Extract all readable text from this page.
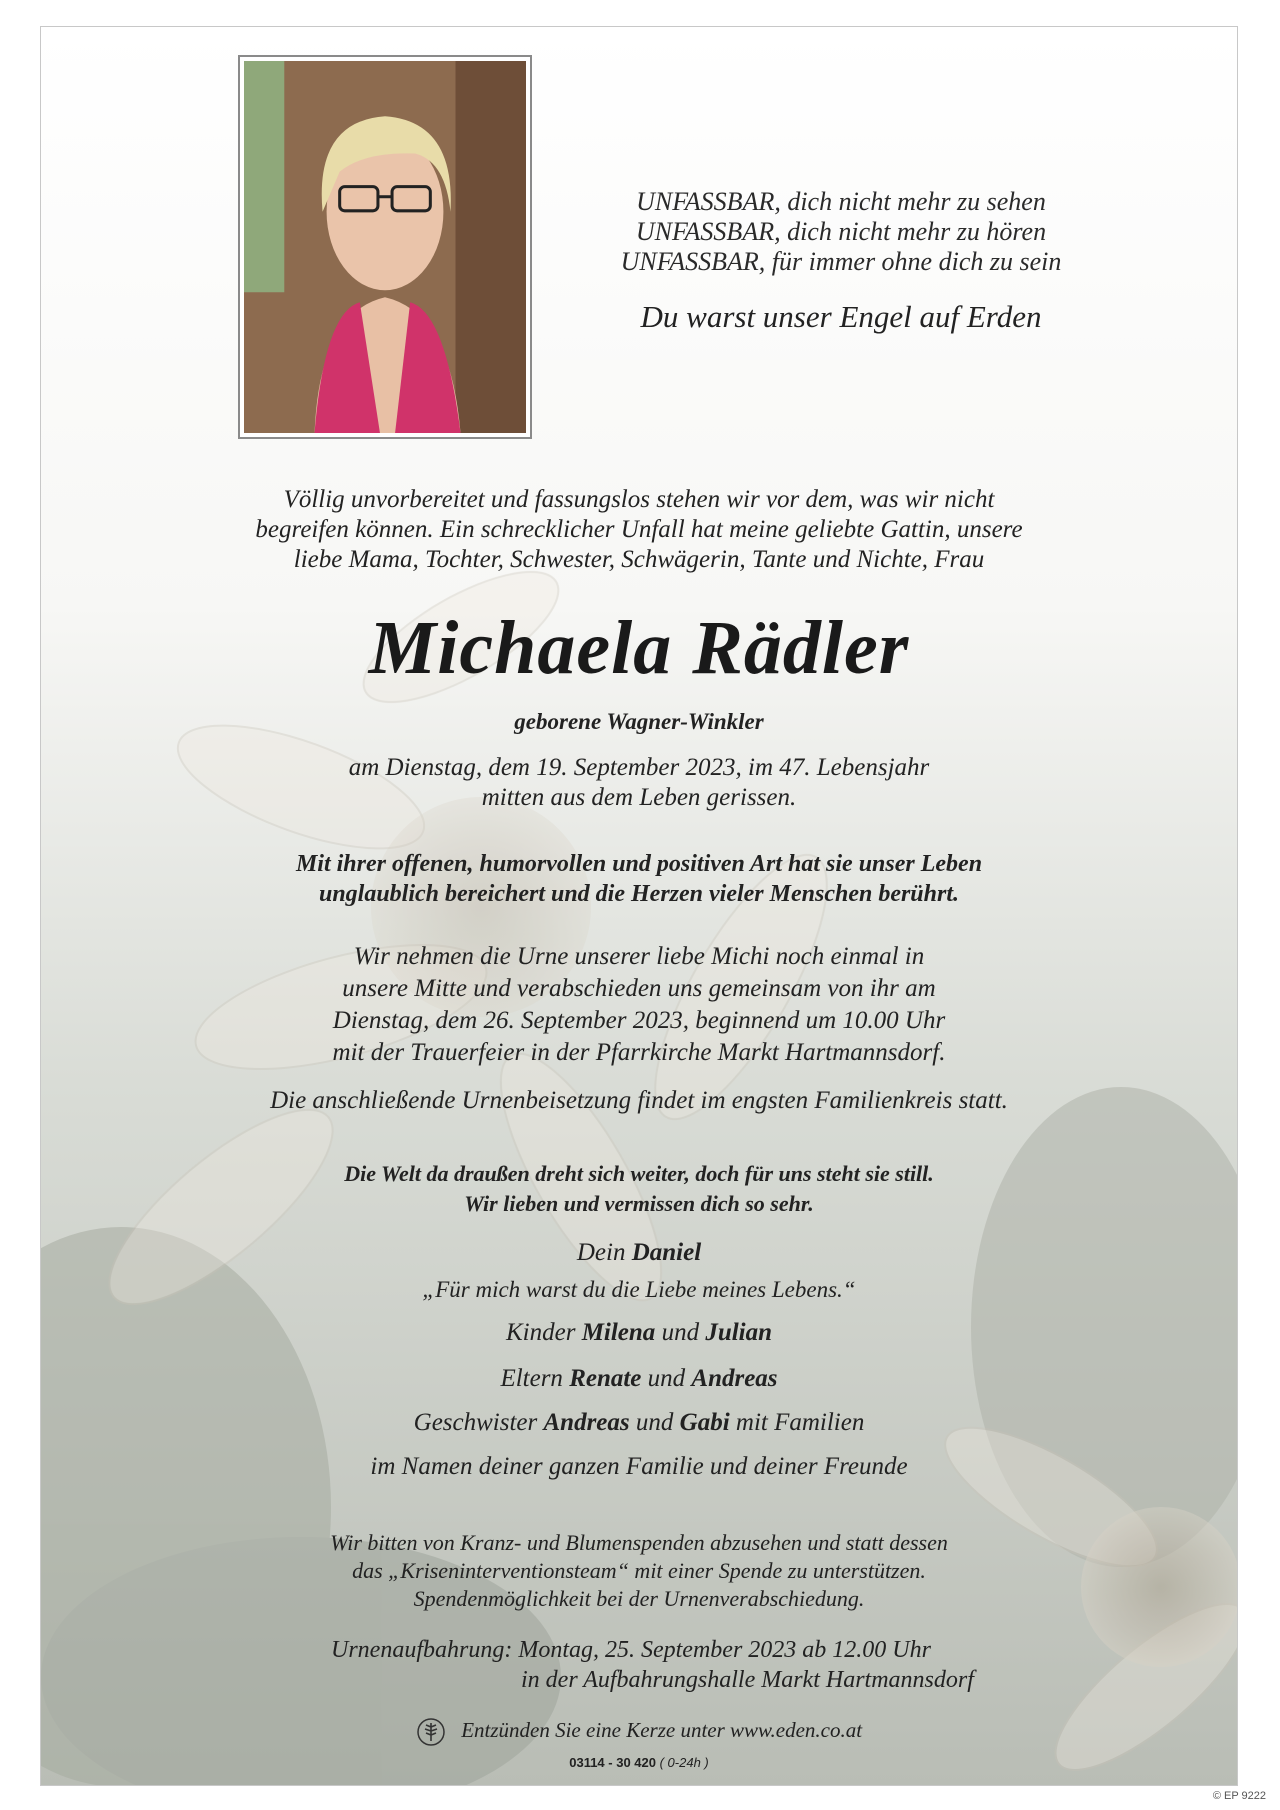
UNFASSBAR, dich nicht mehr zu sehen
UNFASSBAR, dich nicht mehr zu hören
UNFASSBAR, für immer ohne dich zu sein
Du warst unser Engel auf Erden
Völlig unvorbereitet und fassungslos stehen wir vor dem, was wir nicht
begreifen können. Ein schrecklicher Unfall hat meine geliebte Gattin, unsere
liebe Mama, Tochter, Schwester, Schwägerin, Tante und Nichte, Frau
Michaela Rädler
geborene Wagner-Winkler
am Dienstag, dem 19. September 2023, im 47. Lebensjahr
mitten aus dem Leben gerissen.
Mit ihrer offenen, humorvollen und positiven Art hat sie unser Leben
unglaublich bereichert und die Herzen vieler Menschen berührt.
Wir nehmen die Urne unserer liebe Michi noch einmal in
unsere Mitte und verabschieden uns gemeinsam von ihr am
Dienstag, dem 26. September 2023, beginnend um 10.00 Uhr
mit der Trauerfeier in der Pfarrkirche Markt Hartmannsdorf.
Die anschließende Urnenbeisetzung findet im engsten Familienkreis statt.
Die Welt da draußen dreht sich weiter, doch für uns steht sie still.
Wir lieben und vermissen dich so sehr.
Dein Daniel
„Für mich warst du die Liebe meines Lebens.“
Kinder Milena und Julian
Eltern Renate und Andreas
Geschwister Andreas und Gabi mit Familien
im Namen deiner ganzen Familie und deiner Freunde
Wir bitten von Kranz- und Blumenspenden abzusehen und statt dessen
das „Kriseninterventionsteam“ mit einer Spende zu unterstützen.
Spendenmöglichkeit bei der Urnenverabschiedung.
Urnenaufbahrung: Montag, 25. September 2023 ab 12.00 Uhr
in der Aufbahrungshalle Markt Hartmannsdorf
Entzünden Sie eine Kerze unter www.eden.co.at
03114 - 30 420 ( 0-24h )
© EP 9222
